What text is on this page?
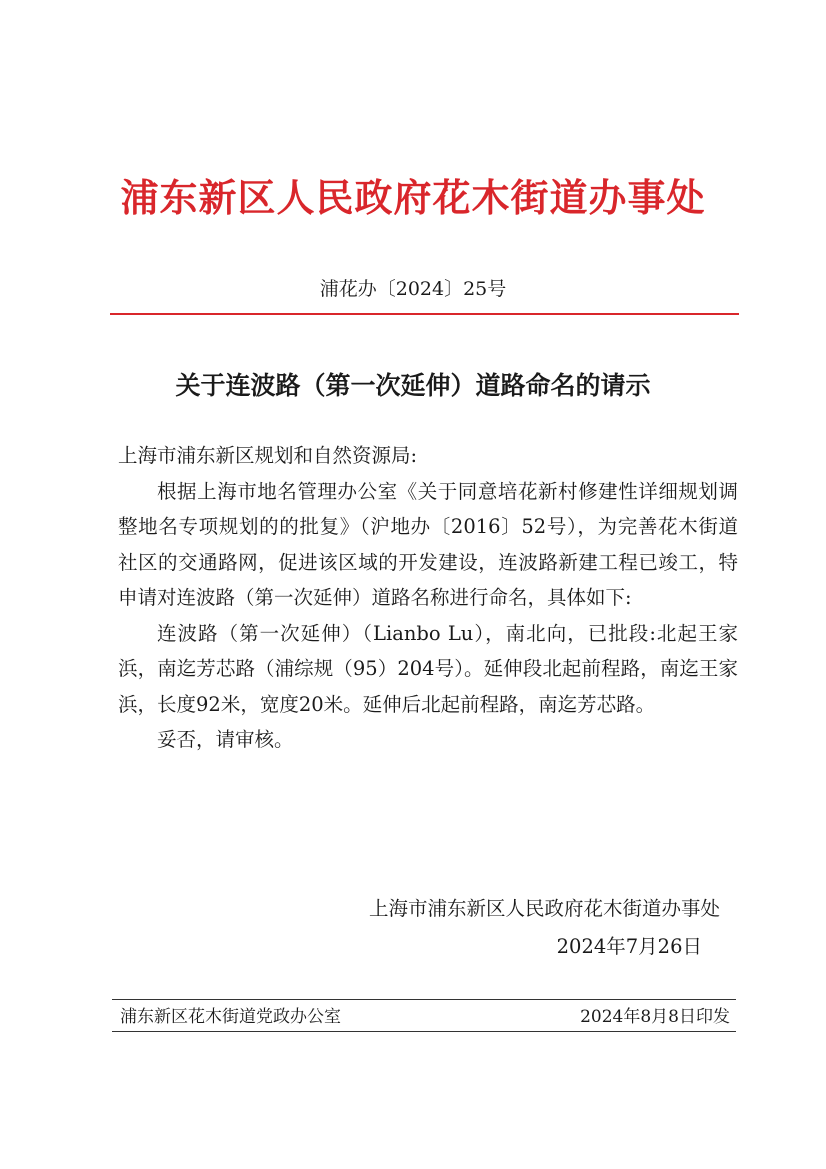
浦东新区人民政府花木街道办事处
浦花办〔2024〕25号
关于连波路（第一次延伸）道路命名的请示

上海市浦东新区规划和自然资源局:

根据上海市地名管理办公室《关于同意培花新村修建性详细规划调整地名专项规划的的批复》（沪地办〔2016〕52号），为完善花木街道社区的交通路网，促进该区域的开发建设，连波路新建工程已竣工，特申请对连波路（第一次延伸）道路名称进行命名，具体如下:

连波路（第一次延伸）（Lianbo Lu），南北向，已批段:北起王家浜，南迄芳芯路（浦综规（95）204号）。延伸段北起前程路，南迄王家浜，长度92米，宽度20米。延伸后北起前程路，南迄芳芯路。

妥否，请审核。

上海市浦东新区人民政府花木街道办事处
2024年7月26日
浦东新区花木街道党政办公室	2024年8月8日印发
